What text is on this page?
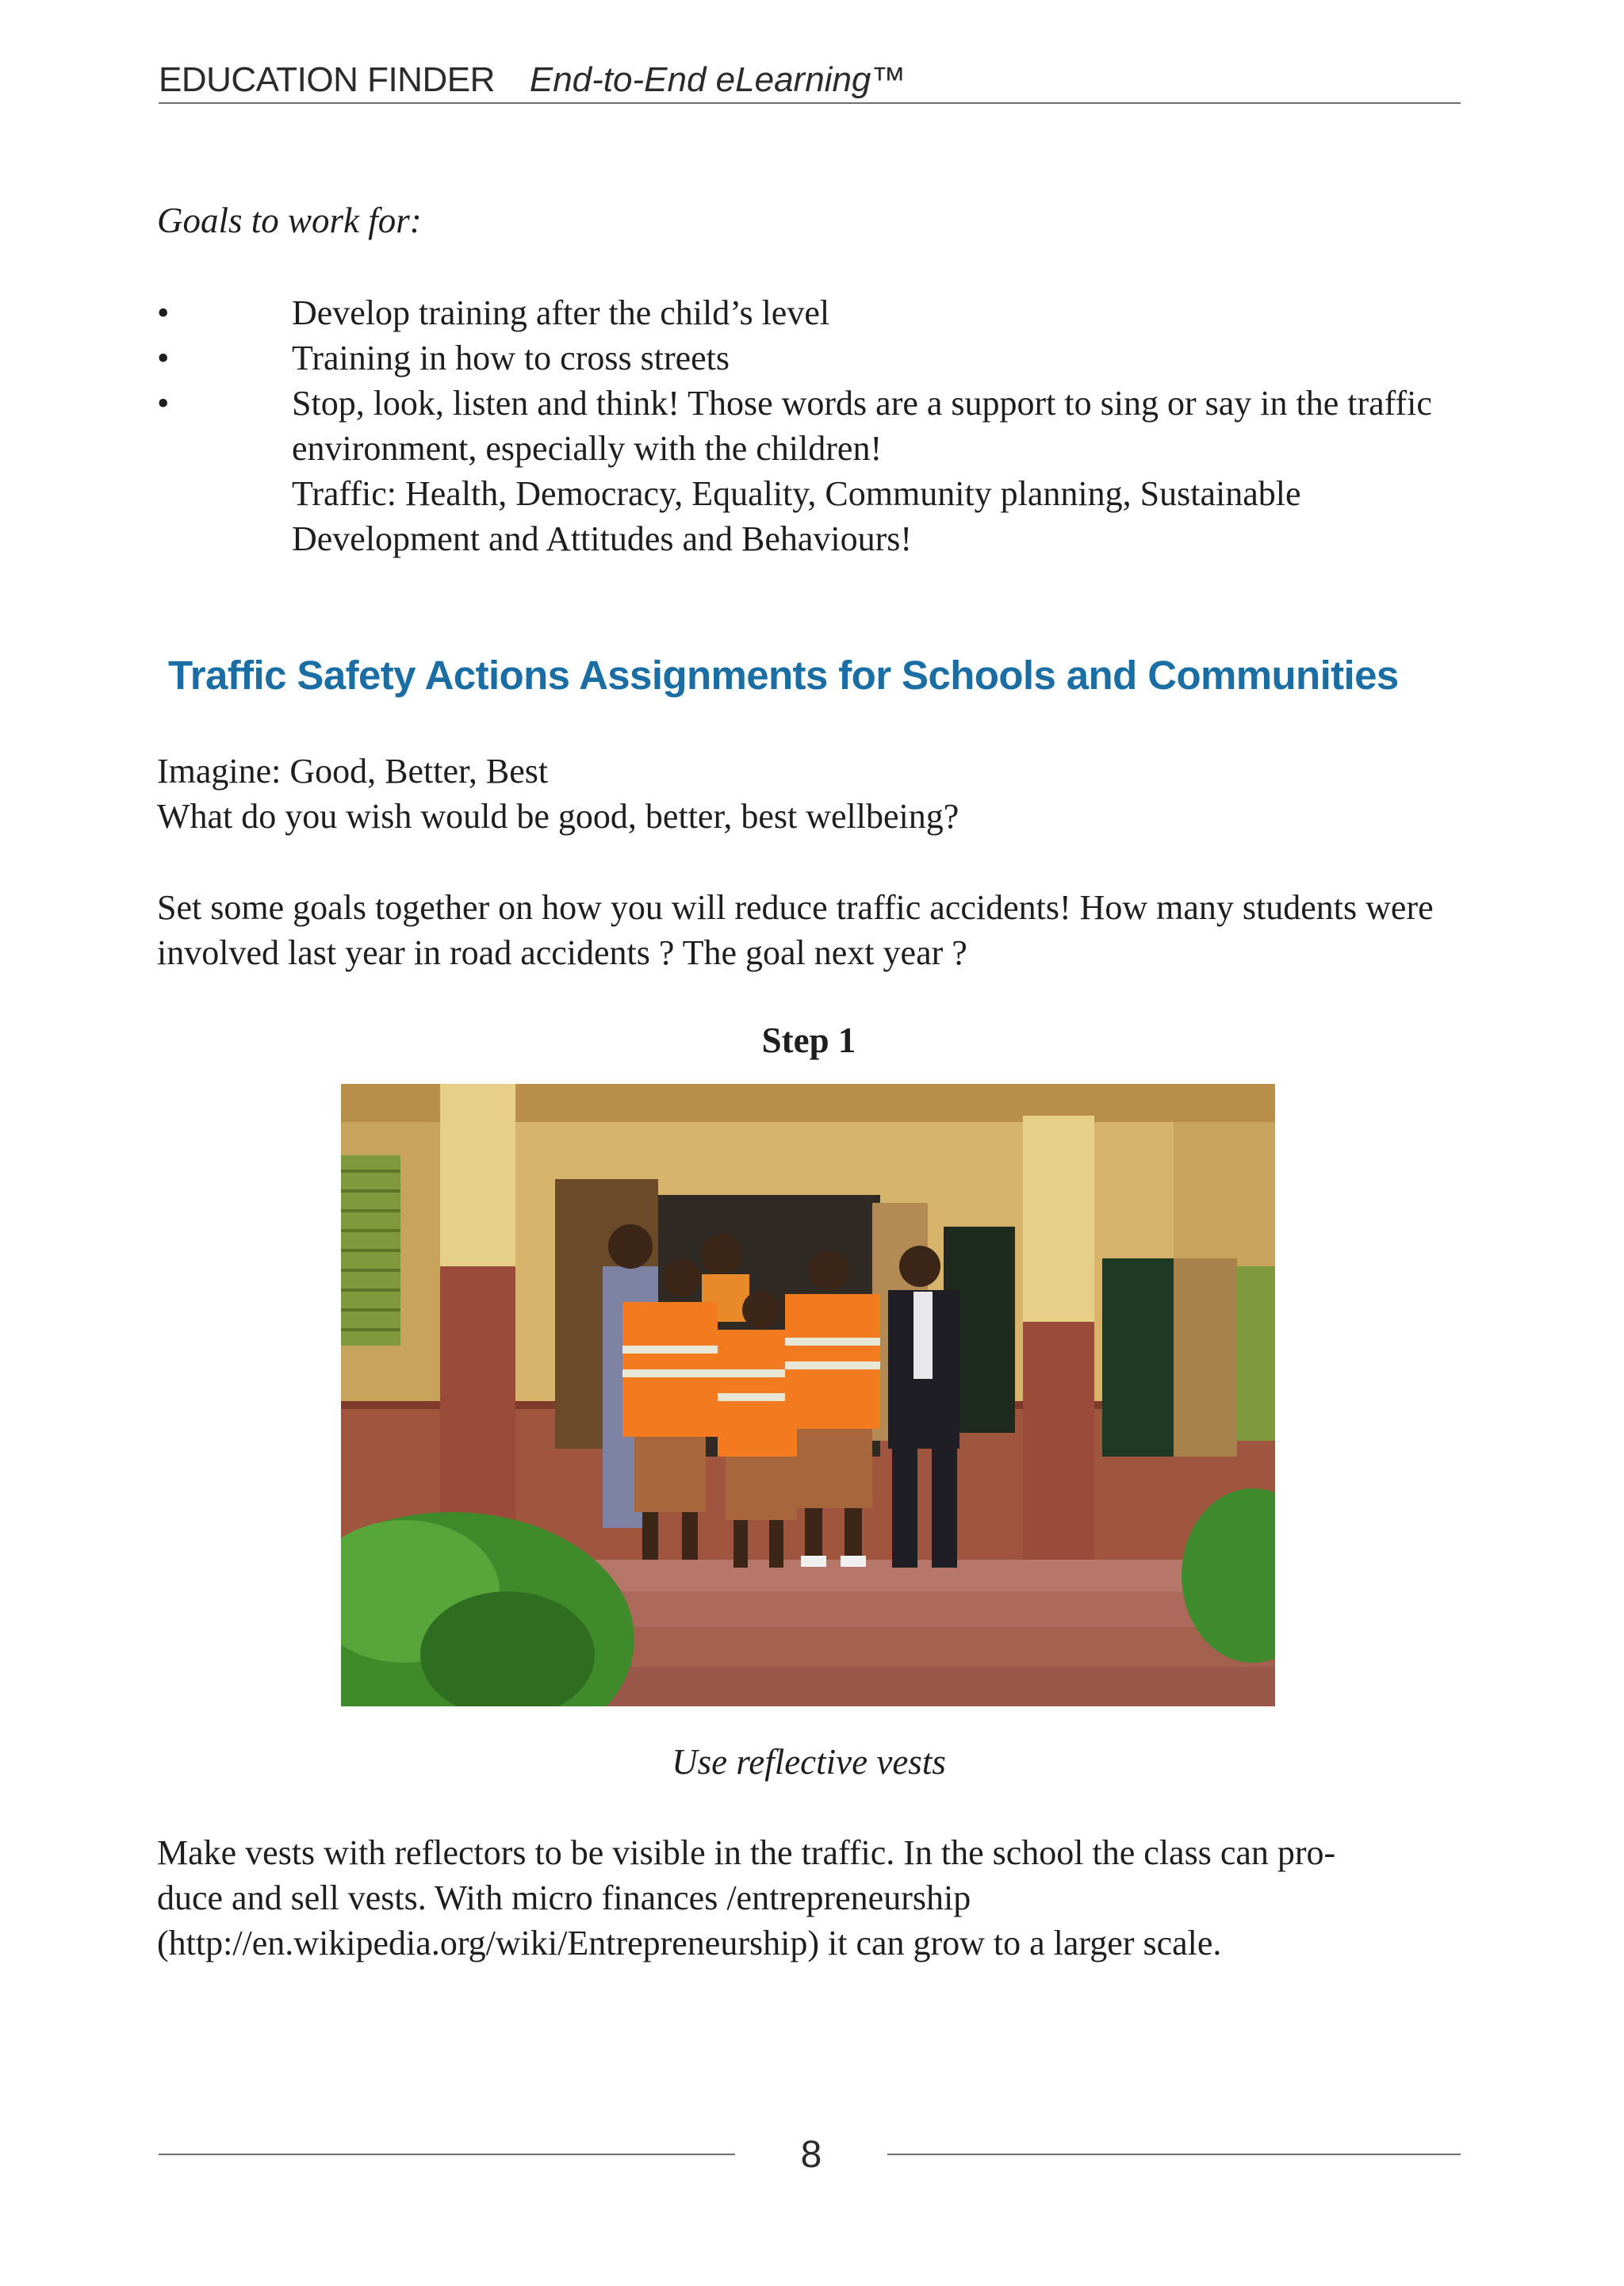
EDUCATION FINDER End-to-End eLearning™
Goals to work for:
•	Develop training after the child’s level
•	Training in how to cross streets
•	Stop, look, listen and think! Those words are a support to sing or say in the traffic environment, especially with the children!
Traffic: Health, Democracy, Equality, Community planning, Sustainable Development and Attitudes and Behaviours!
Traffic Safety Actions Assignments for Schools and Communities
Imagine: Good, Better, Best
What do you wish would be good, better, best wellbeing?
Set some goals together on how you will reduce traffic accidents! How many students were involved last year in road accidents ? The goal next year ?
Step 1
Use reflective vests
Make vests with reflectors to be visible in the traffic. In the school the class can pro-
duce and sell vests. With micro finances /entrepreneurship
(http://en.wikipedia.org/wiki/Entrepreneurship) it can grow to a larger scale.
8
